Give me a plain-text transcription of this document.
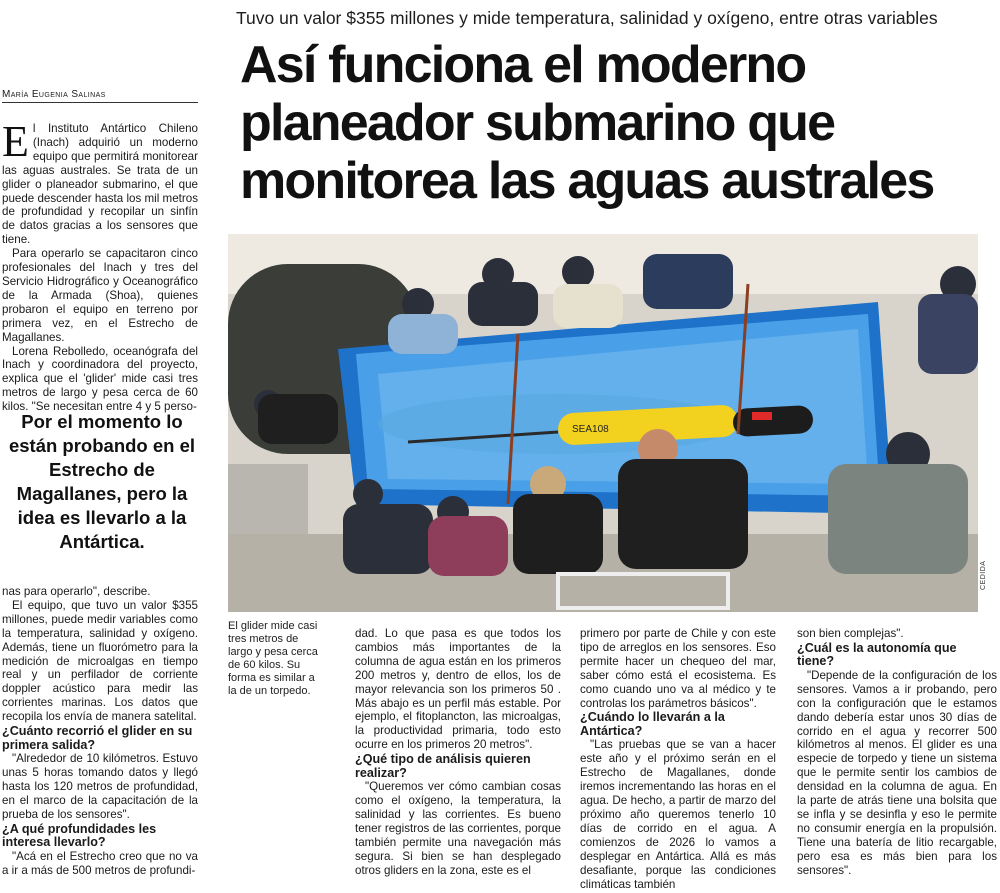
Tuvo un valor $355 millones y mide temperatura, salinidad y oxígeno, entre otras variables
Así funciona el moderno
planeador submarino que
monitorea las aguas australes
María Eugenia Salinas

El Instituto Antártico Chileno (Inach) adquirió un moderno equipo que permitirá monitorear las aguas australes. Se trata de un glider o planeador submarino, el que puede descender hasta los mil metros de profundidad y recopilar un sinfín de datos gracias a los sensores que tiene.

Para operarlo se capacitaron cinco profesionales del Inach y tres del Servicio Hidrográfico y Oceanográfico de la Armada (Shoa), quienes probaron el equipo en terreno por primera vez, en el Estrecho de Magallanes.

Lorena Rebolledo, oceanógrafa del Inach y coordinadora del proyecto, explica que el 'glider' mide casi tres metros de largo y pesa cerca de 60 kilos. "Se necesitan entre 4 y 5 perso-

Por el momento lo están probando en el Estrecho de Magallanes, pero la idea es llevarlo a la Antártica.

nas para operarlo", describe.

El equipo, que tuvo un valor $355 millones, puede medir variables como la temperatura, salinidad y oxígeno. Además, tiene un fluorómetro para la medición de microalgas en tiempo real y un perfilador de corriente doppler acústico para medir las corrientes marinas. Los datos que recopila los envía de manera satelital.

¿Cuánto recorrió el glider en su primera salida?

"Alrededor de 10 kilómetros. Estuvo unas 5 horas tomando datos y llegó hasta los 120 metros de profundidad, en el marco de la capacitación de la prueba de los sensores".

¿A qué profundidades les interesa llevarlo?

"Acá en el Estrecho creo que no va a ir a más de 500 metros de profundi-

SEA108
CEDIDA
El glider mide casi tres metros de largo y pesa cerca de 60 kilos. Su forma es similar a la de un torpedo.

dad. Lo que pasa es que todos los cambios más importantes de la columna de agua están en los primeros 200 metros y, dentro de ellos, los de mayor relevancia son los primeros 50 . Más abajo es un perfil más estable. Por ejemplo, el fitoplancton, las microalgas, la productividad primaria, todo esto ocurre en los primeros 20 metros".

¿Qué tipo de análisis quieren realizar?

"Queremos ver cómo cambian cosas como el oxígeno, la temperatura, la salinidad y las corrientes. Es bueno tener registros de las corrientes, porque también permite una navegación más segura. Si bien se han desplegado otros gliders en la zona, este es el

primero por parte de Chile y con este tipo de arreglos en los sensores. Eso permite hacer un chequeo del mar, saber cómo está el ecosistema. Es como cuando uno va al médico y te controlas los parámetros básicos".

¿Cuándo lo llevarán a la Antártica?

"Las pruebas que se van a hacer este año y el próximo serán en el Estrecho de Magallanes, donde iremos incrementando las horas en el agua. De hecho, a partir de marzo del próximo año queremos tenerlo 10 días de corrido en el agua. A comienzos de 2026 lo vamos a desplegar en Antártica. Allá es más desafiante, porque las condiciones climáticas también

son bien complejas".

¿Cuál es la autonomía que tiene?

"Depende de la configuración de los sensores. Vamos a ir probando, pero con la configuración que le estamos dando debería estar unos 30 días de corrido en el agua y recorrer 500 kilómetros al menos. El glider es una especie de torpedo y tiene un sistema que le permite sentir los cambios de densidad en la columna de agua. En la parte de atrás tiene una bolsita que se infla y se desinfla y eso le permite no consumir energía en la propulsión. Tiene una batería de litio recargable, pero esa es más bien para los sensores".
